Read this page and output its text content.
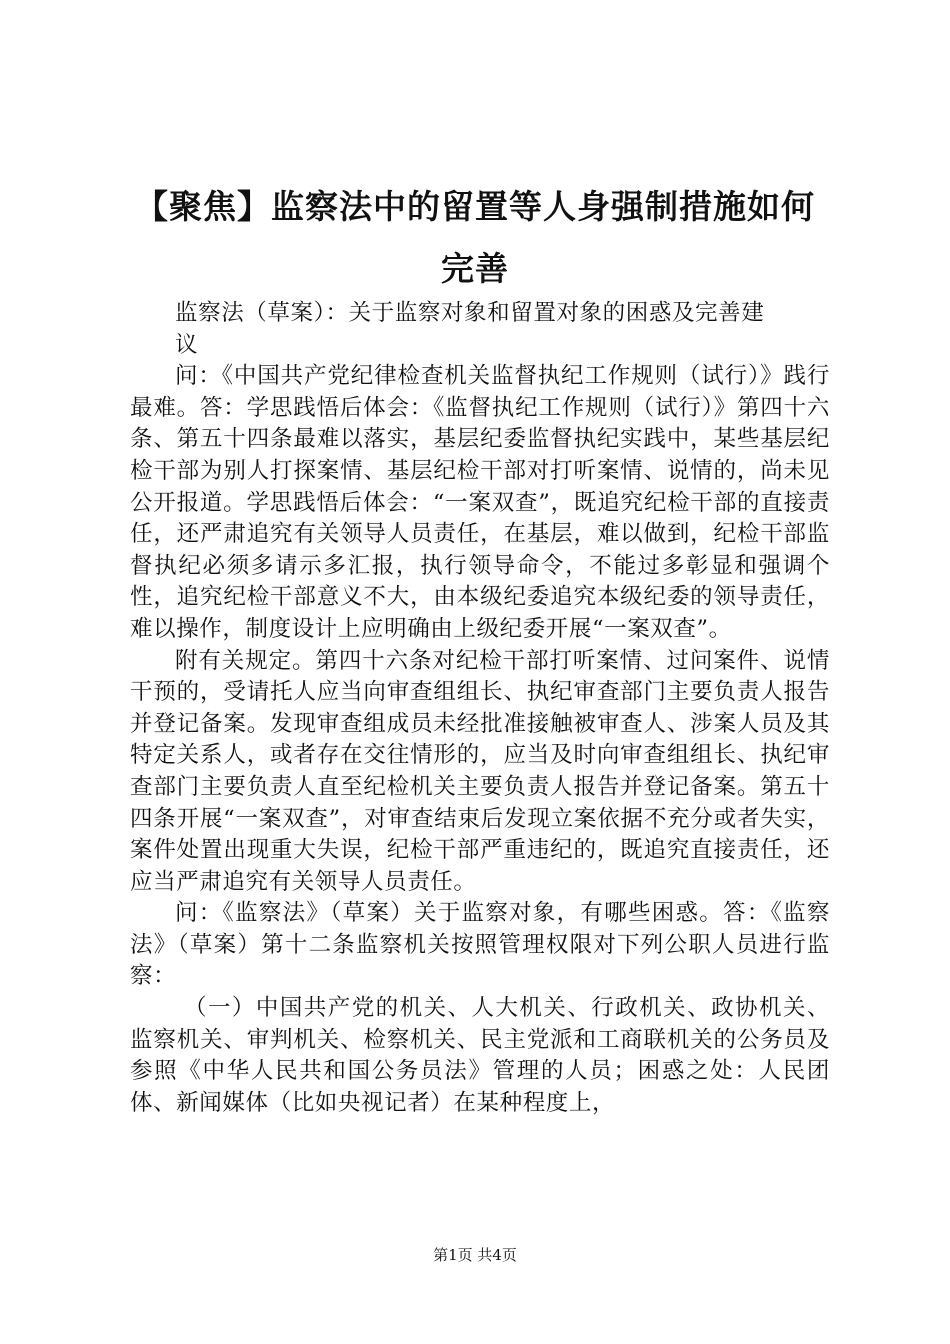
【聚焦】监察法中的留置等人身强制措施如何
完善

监察法（草案）：关于监察对象和留置对象的困惑及完善建

议

问：《中国共产党纪律检查机关监督执纪工作规则（试行）》践行最难。答：学思践悟后体会：《监督执纪工作规则（试行）》第四十六条、第五十四条最难以落实，基层纪委监督执纪实践中，某些基层纪检干部为别人打探案情、基层纪检干部对打听案情、说情的，尚未见公开报道。学思践悟后体会：“一案双查”，既追究纪检干部的直接责任，还严肃追究有关领导人员责任，在基层，难以做到，纪检干部监督执纪必须多请示多汇报，执行领导命令，不能过多彰显和强调个性，追究纪检干部意义不大，由本级纪委追究本级纪委的领导责任，难以操作，制度设计上应明确由上级纪委开展“一案双查”。

附有关规定。第四十六条对纪检干部打听案情、过问案件、说情干预的，受请托人应当向审查组组长、执纪审查部门主要负责人报告并登记备案。发现审查组成员未经批准接触被审查人、涉案人员及其特定关系人，或者存在交往情形的，应当及时向审查组组长、执纪审查部门主要负责人直至纪检机关主要负责人报告并登记备案。第五十四条开展“一案双查”，对审查结束后发现立案依据不充分或者失实，案件处置出现重大失误，纪检干部严重违纪的，既追究直接责任，还应当严肃追究有关领导人员责任。

问：《监察法》（草案）关于监察对象，有哪些困惑。答：《监察法》（草案）第十二条监察机关按照管理权限对下列公职人员进行监察：

（一）中国共产党的机关、人大机关、行政机关、政协机关、监察机关、审判机关、检察机关、民主党派和工商联机关的公务员及参照《中华人民共和国公务员法》管理的人员；困惑之处：人民团体、新闻媒体（比如央视记者）在某种程度上，

第1页 共4页
